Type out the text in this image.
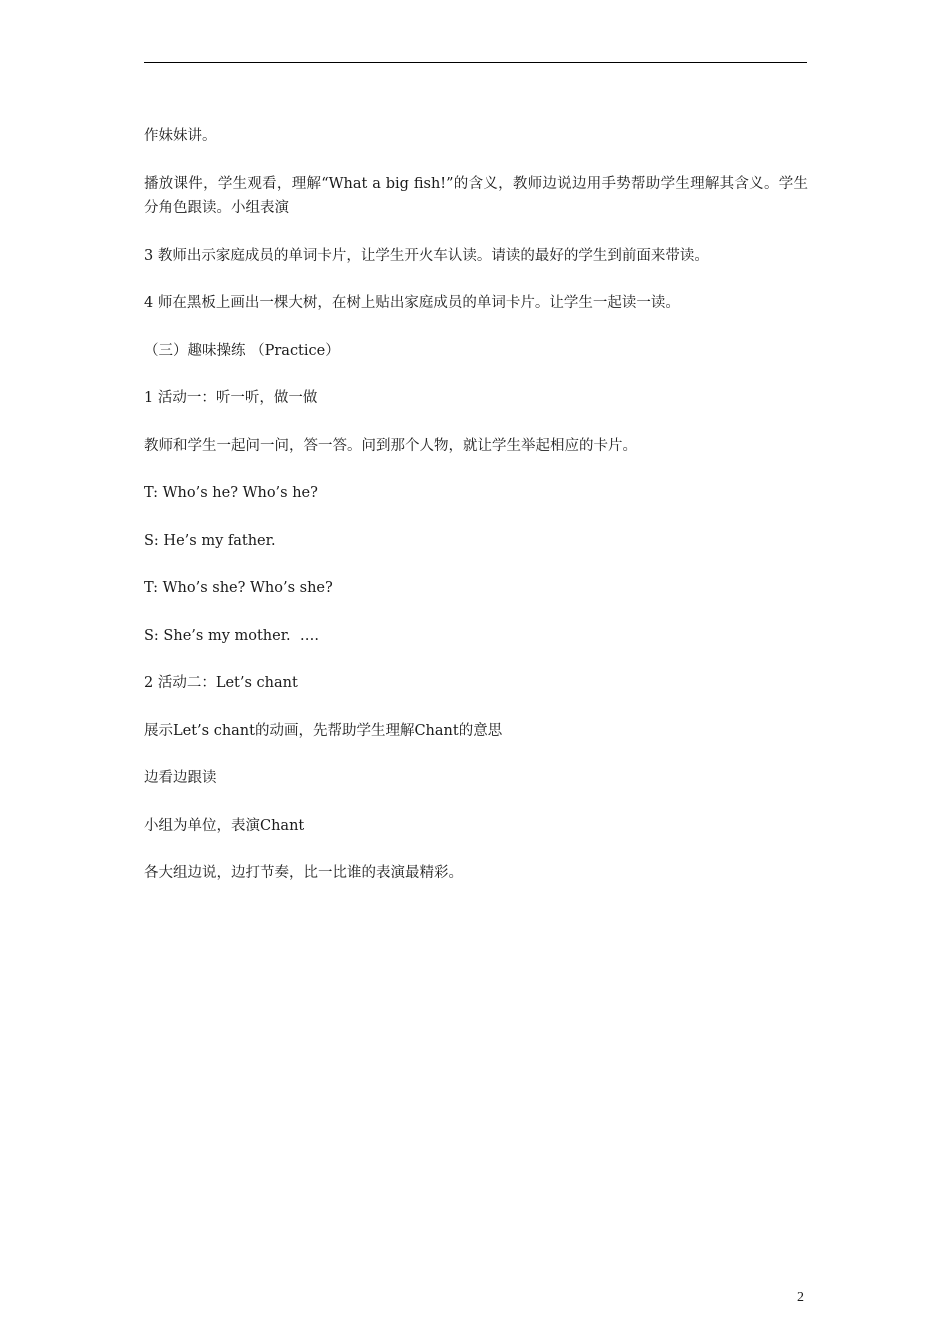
作妹妹讲。

播放课件，学生观看，理解“What a big fish!”的含义，教师边说边用手势帮助学生理解其含义。学生分角色跟读。小组表演

3 教师出示家庭成员的单词卡片，让学生开火车认读。请读的最好的学生到前面来带读。

4 师在黑板上画出一棵大树，在树上贴出家庭成员的单词卡片。让学生一起读一读。

（三）趣味操练 （Practice）

1 活动一：听一听，做一做

教师和学生一起问一问，答一答。问到那个人物，就让学生举起相应的卡片。

T: Who’s he? Who’s he?

S: He’s my father.

T: Who’s she? Who’s she?

S: She’s my mother.  ….

2 活动二：Let’s chant

展示Let’s chant的动画，先帮助学生理解Chant的意思

边看边跟读

小组为单位，表演Chant

各大组边说，边打节奏，比一比谁的表演最精彩。

2
